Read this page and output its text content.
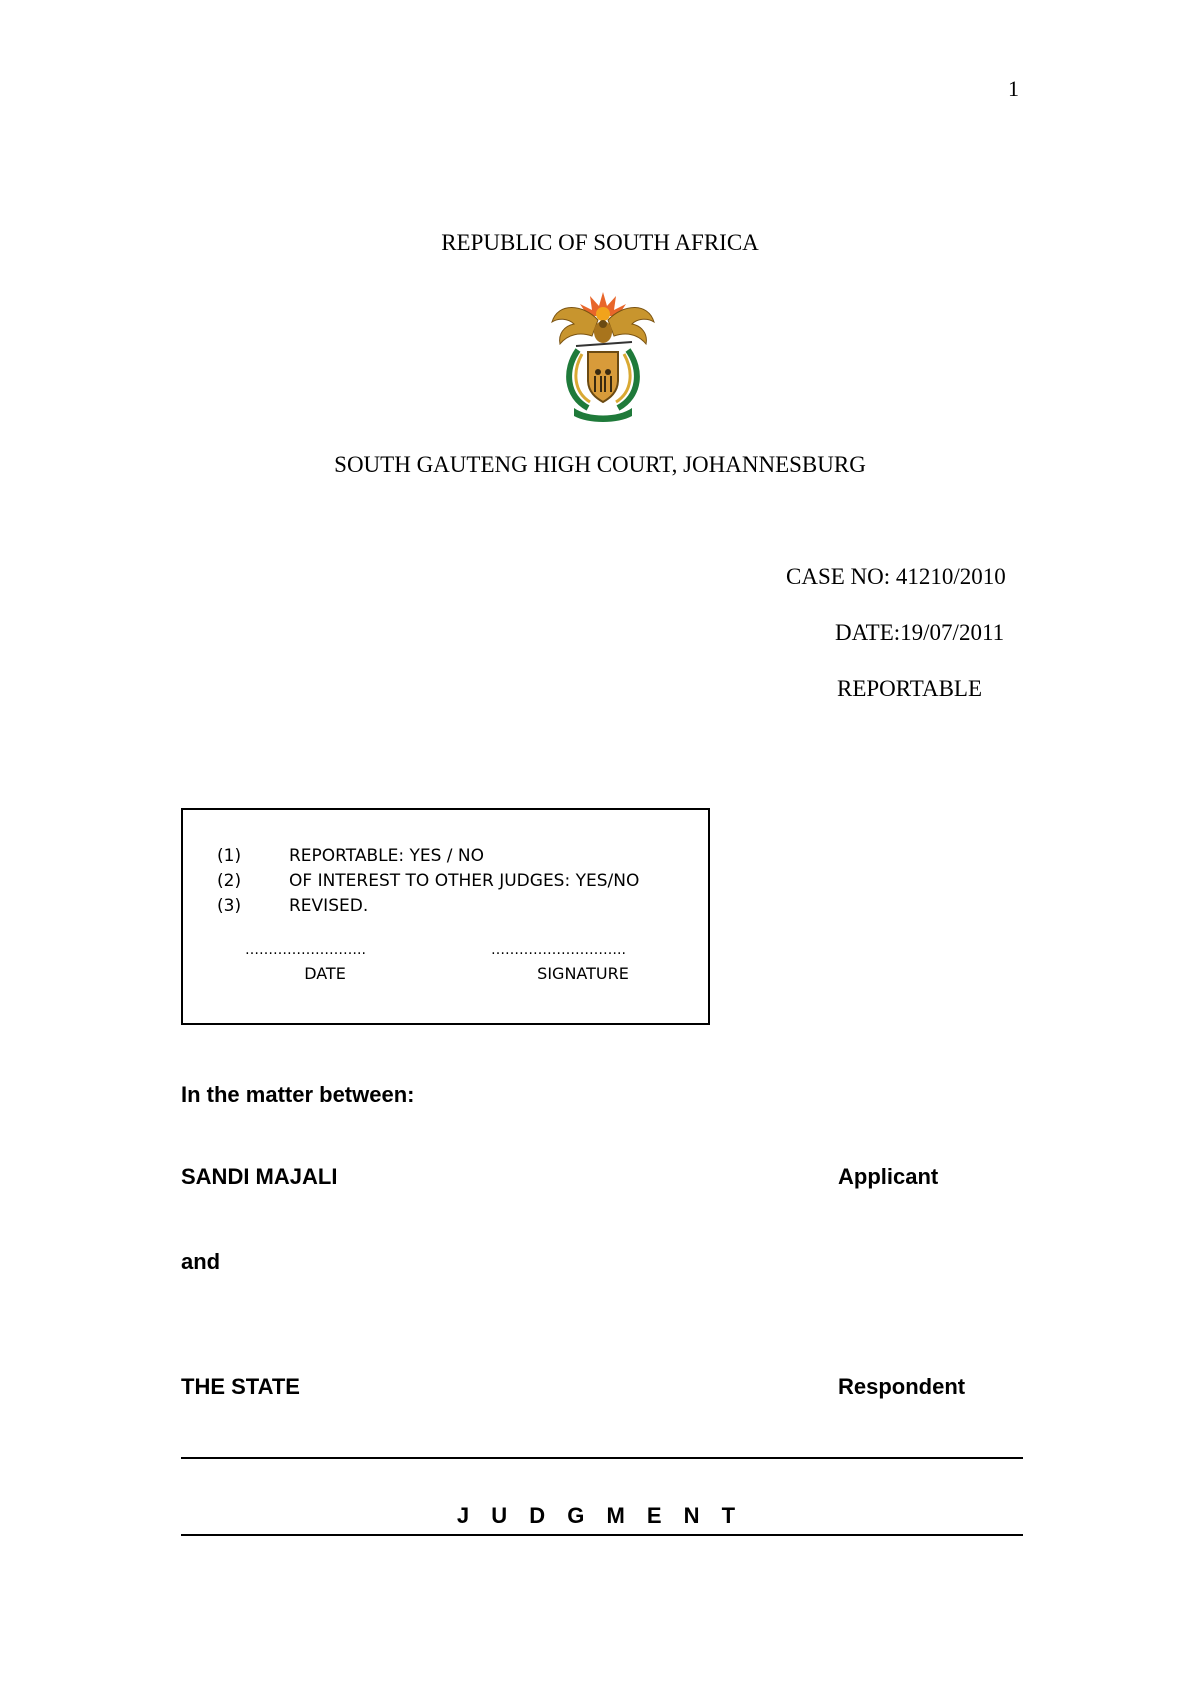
1
REPUBLIC OF SOUTH AFRICA
SOUTH GAUTENG HIGH COURT, JOHANNESBURG
CASE NO: 41210/2010
DATE:19/07/2011
REPORTABLE
(1)	REPORTABLE: YES / NO
(2)	OF INTEREST TO OTHER JUDGES: YES/NO
(3)	REVISED.
……………………..	………………………..
DATE	SIGNATURE
In the matter between:
SANDI MAJALI	Applicant
and
THE STATE	Respondent
J U D G M E N T
